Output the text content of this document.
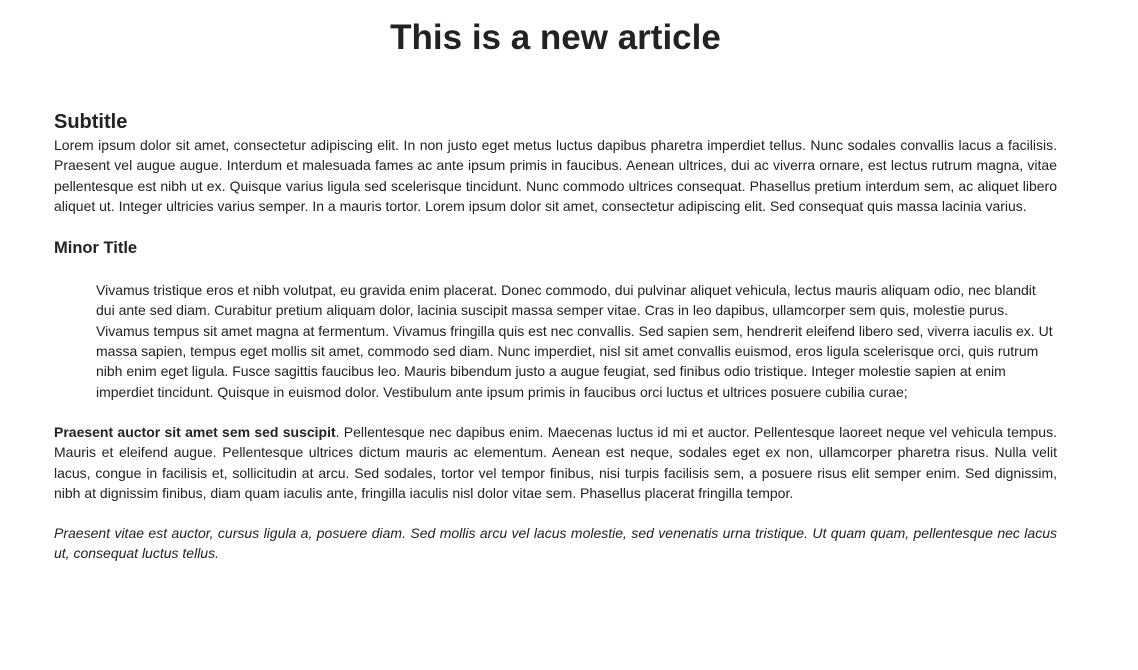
This is a new article
Subtitle

Lorem ipsum dolor sit amet, consectetur adipiscing elit. In non justo eget metus luctus dapibus pharetra imperdiet tellus. Nunc sodales convallis lacus a facilisis. Praesent vel augue augue. Interdum et malesuada fames ac ante ipsum primis in faucibus. Aenean ultrices, dui ac viverra ornare, est lectus rutrum magna, vitae pellentesque est nibh ut ex. Quisque varius ligula sed scelerisque tincidunt. Nunc commodo ultrices consequat. Phasellus pretium interdum sem, ac aliquet libero aliquet ut. Integer ultricies varius semper. In a mauris tortor. Lorem ipsum dolor sit amet, consectetur adipiscing elit. Sed consequat quis massa lacinia varius.

Minor Title
Vivamus tristique eros et nibh volutpat, eu gravida enim placerat. Donec commodo, dui pulvinar aliquet vehicula, lectus mauris aliquam odio, nec blandit dui ante sed diam. Curabitur pretium aliquam dolor, lacinia suscipit massa semper vitae. Cras in leo dapibus, ullamcorper sem quis, molestie purus. Vivamus tempus sit amet magna at fermentum. Vivamus fringilla quis est nec convallis. Sed sapien sem, hendrerit eleifend libero sed, viverra iaculis ex. Ut massa sapien, tempus eget mollis sit amet, commodo sed diam. Nunc imperdiet, nisl sit amet convallis euismod, eros ligula scelerisque orci, quis rutrum nibh enim eget ligula. Fusce sagittis faucibus leo. Mauris bibendum justo a augue feugiat, sed finibus odio tristique. Integer molestie sapien at enim imperdiet tincidunt. Quisque in euismod dolor. Vestibulum ante ipsum primis in faucibus orci luctus et ultrices posuere cubilia curae;

Praesent auctor sit amet sem sed suscipit. Pellentesque nec dapibus enim. Maecenas luctus id mi et auctor. Pellentesque laoreet neque vel vehicula tempus. Mauris et eleifend augue. Pellentesque ultrices dictum mauris ac elementum. Aenean est neque, sodales eget ex non, ullamcorper pharetra risus. Nulla velit lacus, congue in facilisis et, sollicitudin at arcu. Sed sodales, tortor vel tempor finibus, nisi turpis facilisis sem, a posuere risus elit semper enim. Sed dignissim, nibh at dignissim finibus, diam quam iaculis ante, fringilla iaculis nisl dolor vitae sem. Phasellus placerat fringilla tempor.

Praesent vitae est auctor, cursus ligula a, posuere diam. Sed mollis arcu vel lacus molestie, sed venenatis urna tristique. Ut quam quam, pellentesque nec lacus ut, consequat luctus tellus.
